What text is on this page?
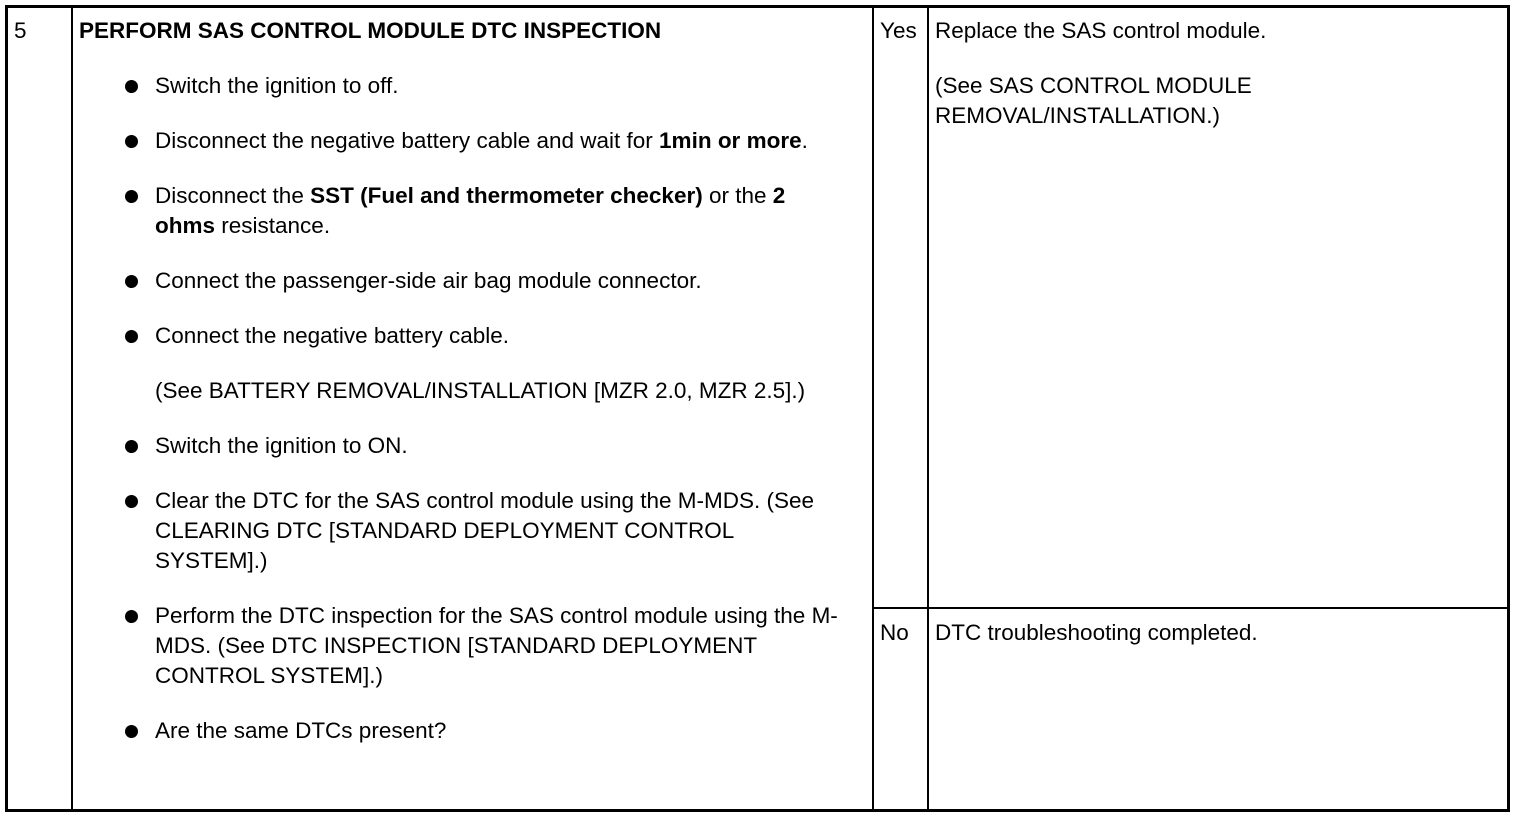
5 PERFORM SAS CONTROL MODULE DTC INSPECTION
Switch the ignition to off.
Disconnect the negative battery cable and wait for 1min or more.
Disconnect the SST (Fuel and thermometer checker) or the 2 ohms resistance.
Connect the passenger-side air bag module connector.
Connect the negative battery cable.
(See BATTERY REMOVAL/INSTALLATION [MZR 2.0, MZR 2.5].)
Switch the ignition to ON.
Clear the DTC for the SAS control module using the M-MDS. (See CLEARING DTC [STANDARD DEPLOYMENT CONTROL SYSTEM].)
Perform the DTC inspection for the SAS control module using the M-MDS. (See DTC INSPECTION [STANDARD DEPLOYMENT CONTROL SYSTEM].)
Are the same DTCs present?
Yes Replace the SAS control module.

(See SAS CONTROL MODULE REMOVAL/INSTALLATION.)

No DTC troubleshooting completed.
